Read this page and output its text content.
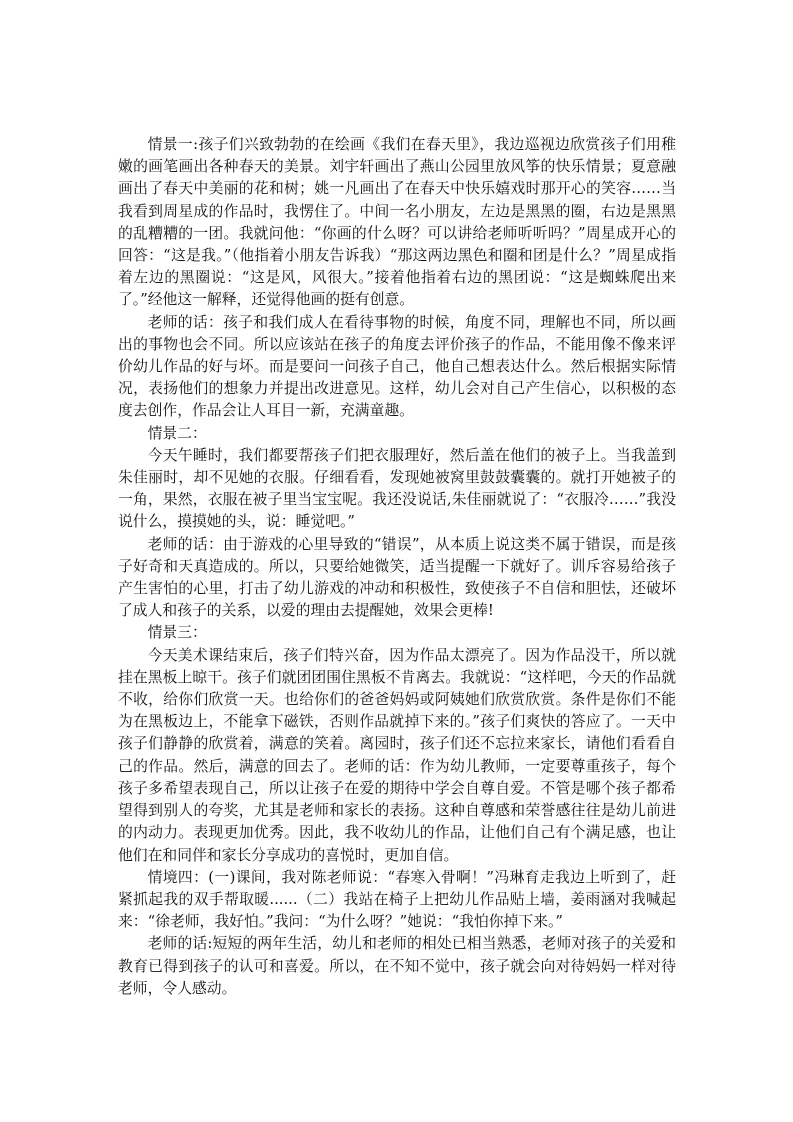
情景一:孩子们兴致勃勃的在绘画《我们在春天里》，我边巡视边欣赏孩子们用稚嫩的画笔画出各种春天的美景。刘宇轩画出了燕山公园里放风筝的快乐情景；夏意融画出了春天中美丽的花和树；姚一凡画出了在春天中快乐嬉戏时那开心的笑容……当我看到周星成的作品时，我愣住了。中间一名小朋友，左边是黑黑的圈，右边是黑黑的乱糟糟的一团。我就问他：“你画的什么呀？可以讲给老师听听吗？”周星成开心的回答：“这是我。”（他指着小朋友告诉我）“那这两边黑色和圈和团是什么？”周星成指着左边的黑圈说：“这是风，风很大。”接着他指着右边的黑团说：“这是蜘蛛爬出来了。”经他这一解释，还觉得他画的挺有创意。

老师的话：孩子和我们成人在看待事物的时候，角度不同，理解也不同，所以画出的事物也会不同。所以应该站在孩子的角度去评价孩子的作品，不能用像不像来评价幼儿作品的好与坏。而是要问一问孩子自己，他自己想表达什么。然后根据实际情况，表扬他们的想象力并提出改进意见。这样，幼儿会对自己产生信心，以积极的态度去创作，作品会让人耳目一新，充满童趣。

情景二：

今天午睡时，我们都要帮孩子们把衣服理好，然后盖在他们的被子上。当我盖到朱佳丽时，却不见她的衣服。仔细看看，发现她被窝里鼓鼓囊囊的。就打开她被子的一角，果然，衣服在被子里当宝宝呢。我还没说话,朱佳丽就说了：“衣服冷……”我没说什么，摸摸她的头，说：睡觉吧。”

老师的话：由于游戏的心里导致的“错误”，从本质上说这类不属于错误，而是孩子好奇和天真造成的。所以，只要给她微笑，适当提醒一下就好了。训斥容易给孩子产生害怕的心里，打击了幼儿游戏的冲动和积极性，致使孩子不自信和胆怯，还破坏了成人和孩子的关系，以爱的理由去提醒她，效果会更棒!

情景三：

今天美术课结束后，孩子们特兴奋，因为作品太漂亮了。因为作品没干，所以就挂在黑板上晾干。孩子们就团团围住黑板不肯离去。我就说：“这样吧，今天的作品就不收，给你们欣赏一天。也给你们的爸爸妈妈或阿姨她们欣赏欣赏。条件是你们不能为在黑板边上，不能拿下磁铁，否则作品就掉下来的。”孩子们爽快的答应了。一天中孩子们静静的欣赏着，满意的笑着。离园时，孩子们还不忘拉来家长，请他们看看自己的作品。然后，满意的回去了。老师的话：作为幼儿教师，一定要尊重孩子，每个孩子多希望表现自己，所以让孩子在爱的期待中学会自尊自爱。不管是哪个孩子都希望得到别人的夸奖，尤其是老师和家长的表扬。这种自尊感和荣誉感往往是幼儿前进的内动力。表现更加优秀。因此，我不收幼儿的作品，让他们自己有个满足感，也让他们在和同伴和家长分享成功的喜悦时，更加自信。

情境四：(一)课间，我对陈老师说：“春寒入骨啊！”冯琳育走我边上听到了，赶紧抓起我的双手帮取暖......（二）我站在椅子上把幼儿作品贴上墙，姜雨涵对我喊起来：“徐老师，我好怕。”我问：“为什么呀？”她说：“我怕你掉下来。”

老师的话:短短的两年生活，幼儿和老师的相处已相当熟悉，老师对孩子的关爱和教育已得到孩子的认可和喜爱。所以，在不知不觉中，孩子就会向对待妈妈一样对待老师，令人感动。
